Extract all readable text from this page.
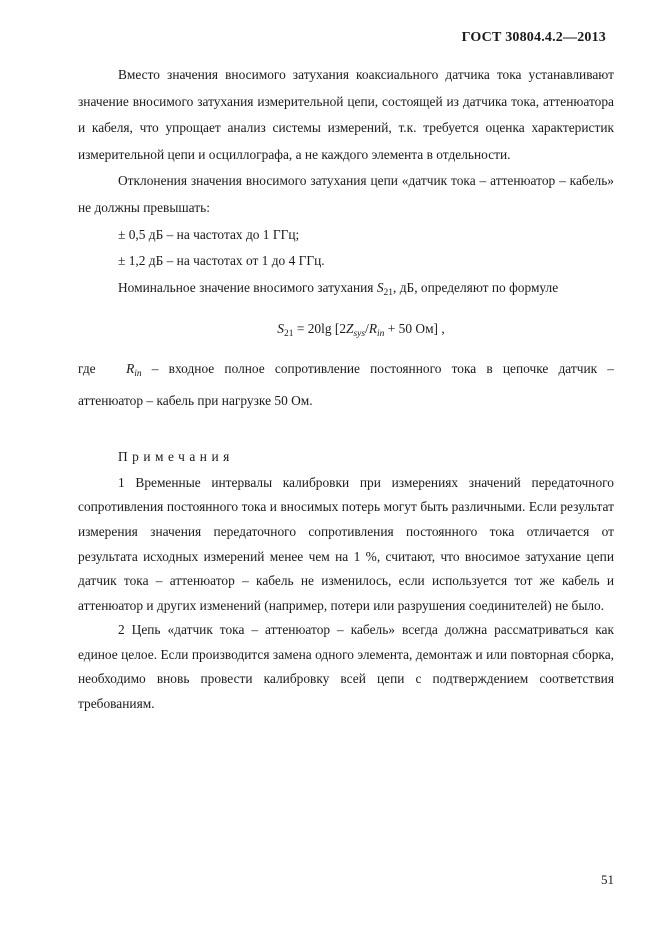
ГОСТ 30804.4.2—2013

Вместо значения вносимого затухания коаксиального датчика тока устанавливают значение вносимого затухания измерительной цепи, состоящей из датчика тока, аттенюатора и кабеля, что упрощает анализ системы измерений, т.к. требуется оценка характеристик измерительной цепи и осциллографа, а не каждого элемента в отдельности.

Отклонения значения вносимого затухания цепи «датчик тока – аттенюатор – кабель» не должны превышать:

± 0,5 дБ – на частотах до 1 ГГц;

± 1,2 дБ – на частотах от 1 до 4 ГГц.

Номинальное значение вносимого затухания $S_{21}$, дБ, определяют по формуле

$S_{21} = 20\lg$ [$2Z_{sys}/R_{in} + 50$ Ом] ,

где $R_{in}$ – входное полное сопротивление постоянного тока в цепочке датчик –

аттенюатор – кабель при нагрузке 50 Ом.

Примечания

1 Временные интервалы калибровки при измерениях значений передаточного сопротивления постоянного тока и вносимых потерь могут быть различными. Если результат измерения значения передаточного сопротивления постоянного тока отличается от результата исходных измерений менее чем на 1 %, считают, что вносимое затухание цепи датчик тока – аттенюатор – кабель не изменилось, если используется тот же кабель и аттенюатор и других изменений (например, потери или разрушения соединителей) не было.

2 Цепь «датчик тока – аттенюатор – кабель» всегда должна рассматриваться как единое целое. Если производится замена одного элемента, демонтаж и или повторная сборка, необходимо вновь провести калибровку всей цепи с подтверждением соответствия требованиям.

51
